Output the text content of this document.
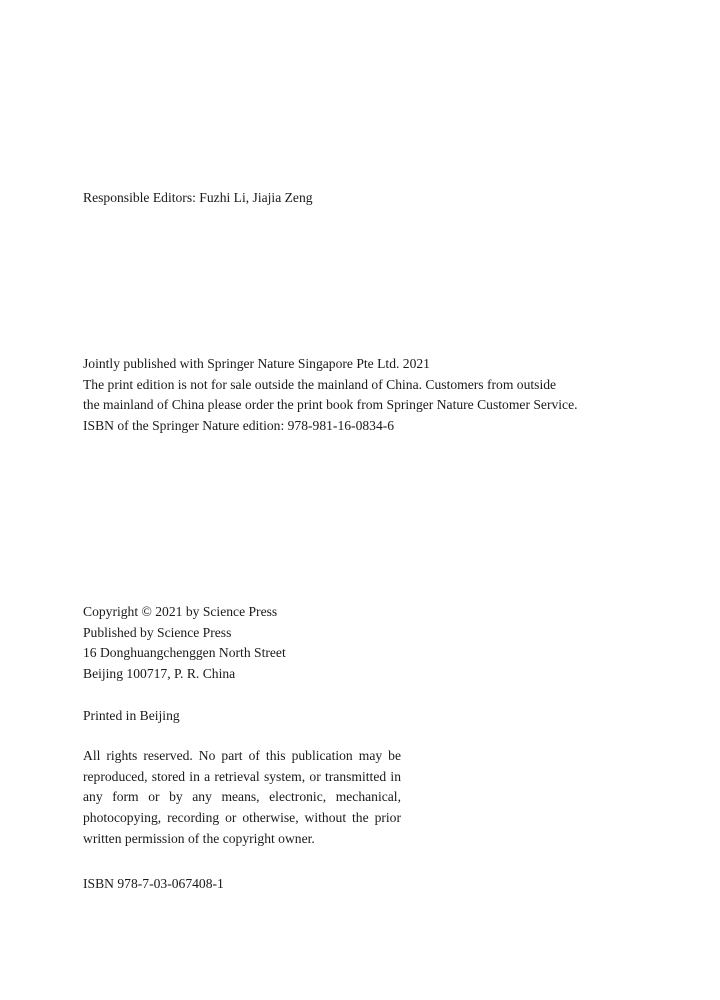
Responsible Editors: Fuzhi Li, Jiajia Zeng
Jointly published with Springer Nature Singapore Pte Ltd. 2021
The print edition is not for sale outside the mainland of China. Customers from outside
the mainland of China please order the print book from Springer Nature Customer Service.
ISBN of the Springer Nature edition: 978-981-16-0834-6
Copyright © 2021 by Science Press
Published by Science Press
16 Donghuangchenggen North Street
Beijing 100717, P. R. China
Printed in Beijing
All rights reserved. No part of this publication may be
reproduced, stored in a retrieval system, or transmitted in
any form or by any means, electronic, mechanical,
photocopying, recording or otherwise, without the prior
written permission of the copyright owner.
ISBN 978-7-03-067408-1
